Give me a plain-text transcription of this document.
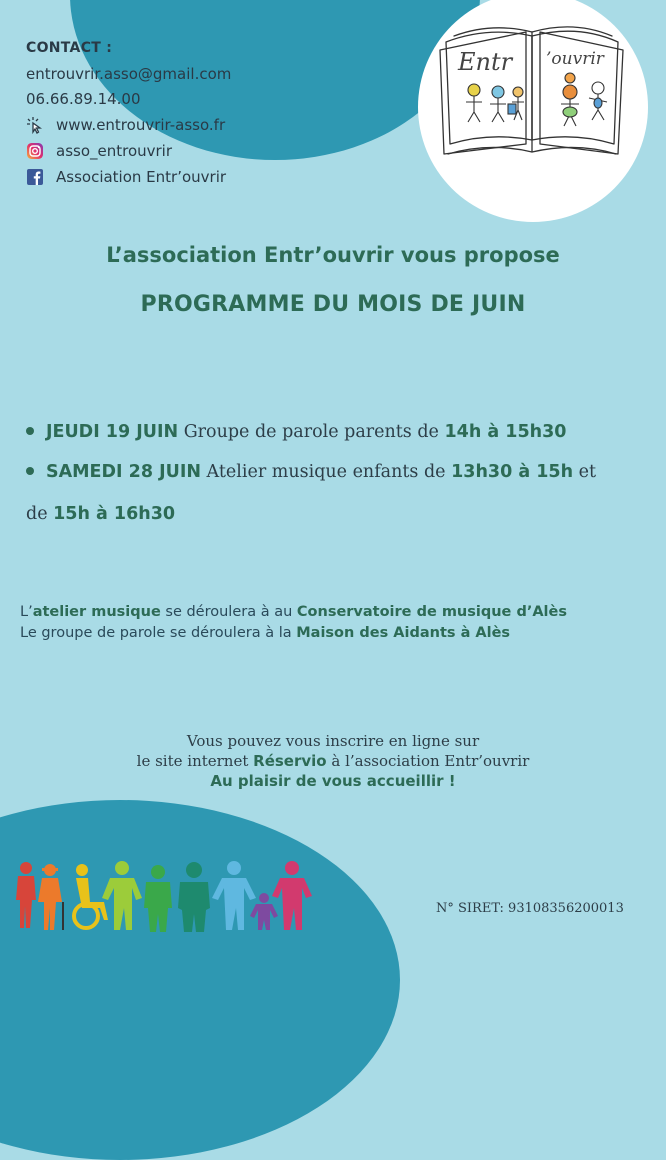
Entr ’ouvrir
CONTACT :
entrouvrir.asso@gmail.com
06.66.89.14.00
www.entrouvrir-asso.fr
asso_entrouvrir
Association Entr’ouvrir
L’association Entr’ouvrir vous propose
PROGRAMME DU MOIS DE JUIN
JEUDI 19 JUIN Groupe de parole parents de 14h à 15h30
SAMEDI 28 JUIN Atelier musique enfants de 13h30 à 15h et
de 15h à 16h30
L’atelier musique se déroulera à au Conservatoire de musique d’Alès
Le groupe de parole se déroulera à la Maison des Aidants à Alès
Vous pouvez vous inscrire en ligne sur
le site internet Réservio à l’association Entr’ouvrir
Au plaisir de vous accueillir !
N° SIRET: 93108356200013
